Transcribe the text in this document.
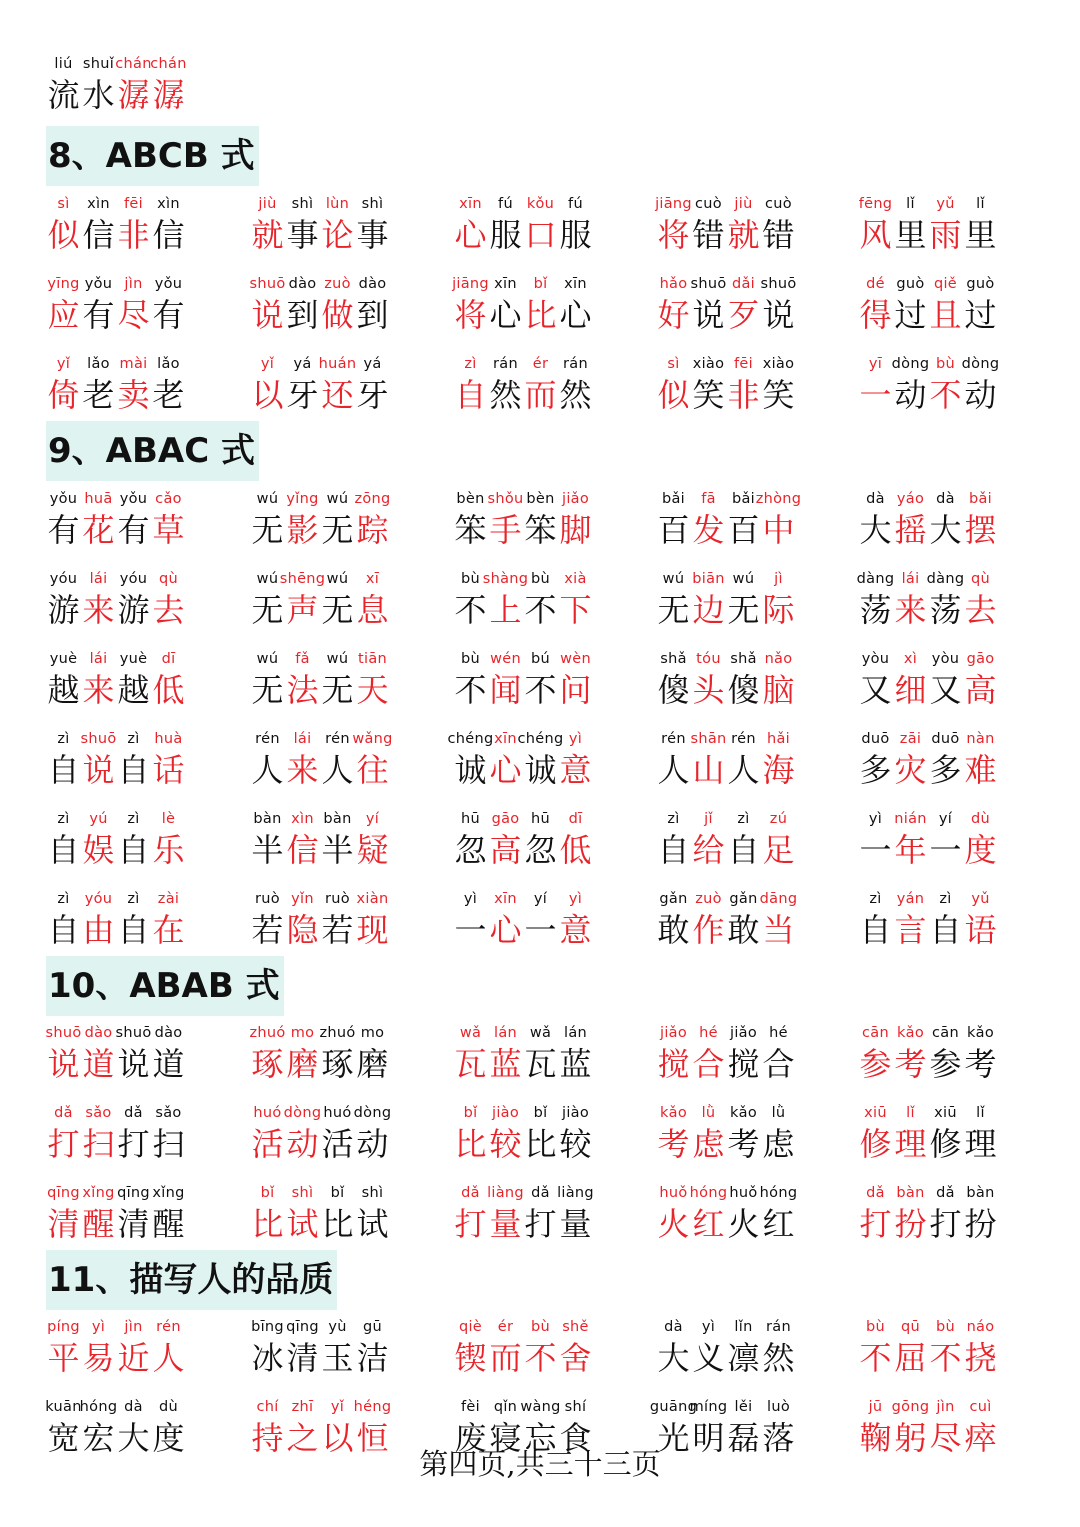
第四页,共三十三页
liú
流
shuǐ
水
chán
潺
chán
潺
8、ABCB 式
sì
似
xìn
信
fēi
非
xìn
信
jiù
就
shì
事
lùn
论
shì
事
xīn
心
fú
服
kǒu
口
fú
服
jiāng
将
cuò
错
jiù
就
cuò
错
fēng
风
lǐ
里
yǔ
雨
lǐ
里
yīng
应
yǒu
有
jìn
尽
yǒu
有
shuō
说
dào
到
zuò
做
dào
到
jiāng
将
xīn
心
bǐ
比
xīn
心
hǎo
好
shuō
说
dǎi
歹
shuō
说
dé
得
guò
过
qiě
且
guò
过
yǐ
倚
lǎo
老
mài
卖
lǎo
老
yǐ
以
yá
牙
huán
还
yá
牙
zì
自
rán
然
ér
而
rán
然
sì
似
xiào
笑
fēi
非
xiào
笑
yī
一
dòng
动
bù
不
dòng
动
9、ABAC 式
yǒu
有
huā
花
yǒu
有
cǎo
草
wú
无
yǐng
影
wú
无
zōng
踪
bèn
笨
shǒu
手
bèn
笨
jiǎo
脚
bǎi
百
fā
发
bǎi
百
zhòng
中
dà
大
yáo
摇
dà
大
bǎi
摆
yóu
游
lái
来
yóu
游
qù
去
wú
无
shēng
声
wú
无
xī
息
bù
不
shàng
上
bù
不
xià
下
wú
无
biān
边
wú
无
jì
际
dàng
荡
lái
来
dàng
荡
qù
去
yuè
越
lái
来
yuè
越
dī
低
wú
无
fǎ
法
wú
无
tiān
天
bù
不
wén
闻
bú
不
wèn
问
shǎ
傻
tóu
头
shǎ
傻
nǎo
脑
yòu
又
xì
细
yòu
又
gāo
高
zì
自
shuō
说
zì
自
huà
话
rén
人
lái
来
rén
人
wǎng
往
chéng
诚
xīn
心
chéng
诚
yì
意
rén
人
shān
山
rén
人
hǎi
海
duō
多
zāi
灾
duō
多
nàn
难
zì
自
yú
娱
zì
自
lè
乐
bàn
半
xìn
信
bàn
半
yí
疑
hū
忽
gāo
高
hū
忽
dī
低
zì
自
jǐ
给
zì
自
zú
足
yì
一
nián
年
yí
一
dù
度
zì
自
yóu
由
zì
自
zài
在
ruò
若
yǐn
隐
ruò
若
xiàn
现
yì
一
xīn
心
yí
一
yì
意
gǎn
敢
zuò
作
gǎn
敢
dāng
当
zì
自
yán
言
zì
自
yǔ
语
10、ABAB 式
shuō
说
dào
道
shuō
说
dào
道
zhuó
琢
mo
磨
zhuó
琢
mo
磨
wǎ
瓦
lán
蓝
wǎ
瓦
lán
蓝
jiǎo
搅
hé
合
jiǎo
搅
hé
合
cān
参
kǎo
考
cān
参
kǎo
考
dǎ
打
sǎo
扫
dǎ
打
sǎo
扫
huó
活
dòng
动
huó
活
dòng
动
bǐ
比
jiào
较
bǐ
比
jiào
较
kǎo
考
lǜ
虑
kǎo
考
lǜ
虑
xiū
修
lǐ
理
xiū
修
lǐ
理
qīng
清
xǐng
醒
qīng
清
xǐng
醒
bǐ
比
shì
试
bǐ
比
shì
试
dǎ
打
liàng
量
dǎ
打
liàng
量
huǒ
火
hóng
红
huǒ
火
hóng
红
dǎ
打
bàn
扮
dǎ
打
bàn
扮
11、描写人的品质
píng
平
yì
易
jìn
近
rén
人
bīng
冰
qīng
清
yù
玉
gū
洁
qiè
锲
ér
而
bù
不
shě
舍
dà
大
yì
义
lǐn
凛
rán
然
bù
不
qū
屈
bù
不
náo
挠
kuān
宽
hóng
宏
dà
大
dù
度
chí
持
zhī
之
yǐ
以
héng
恒
fèi
废
qǐn
寝
wàng
忘
shí
食
guāng
光
míng
明
lěi
磊
luò
落
jū
鞠
gōng
躬
jìn
尽
cuì
瘁
